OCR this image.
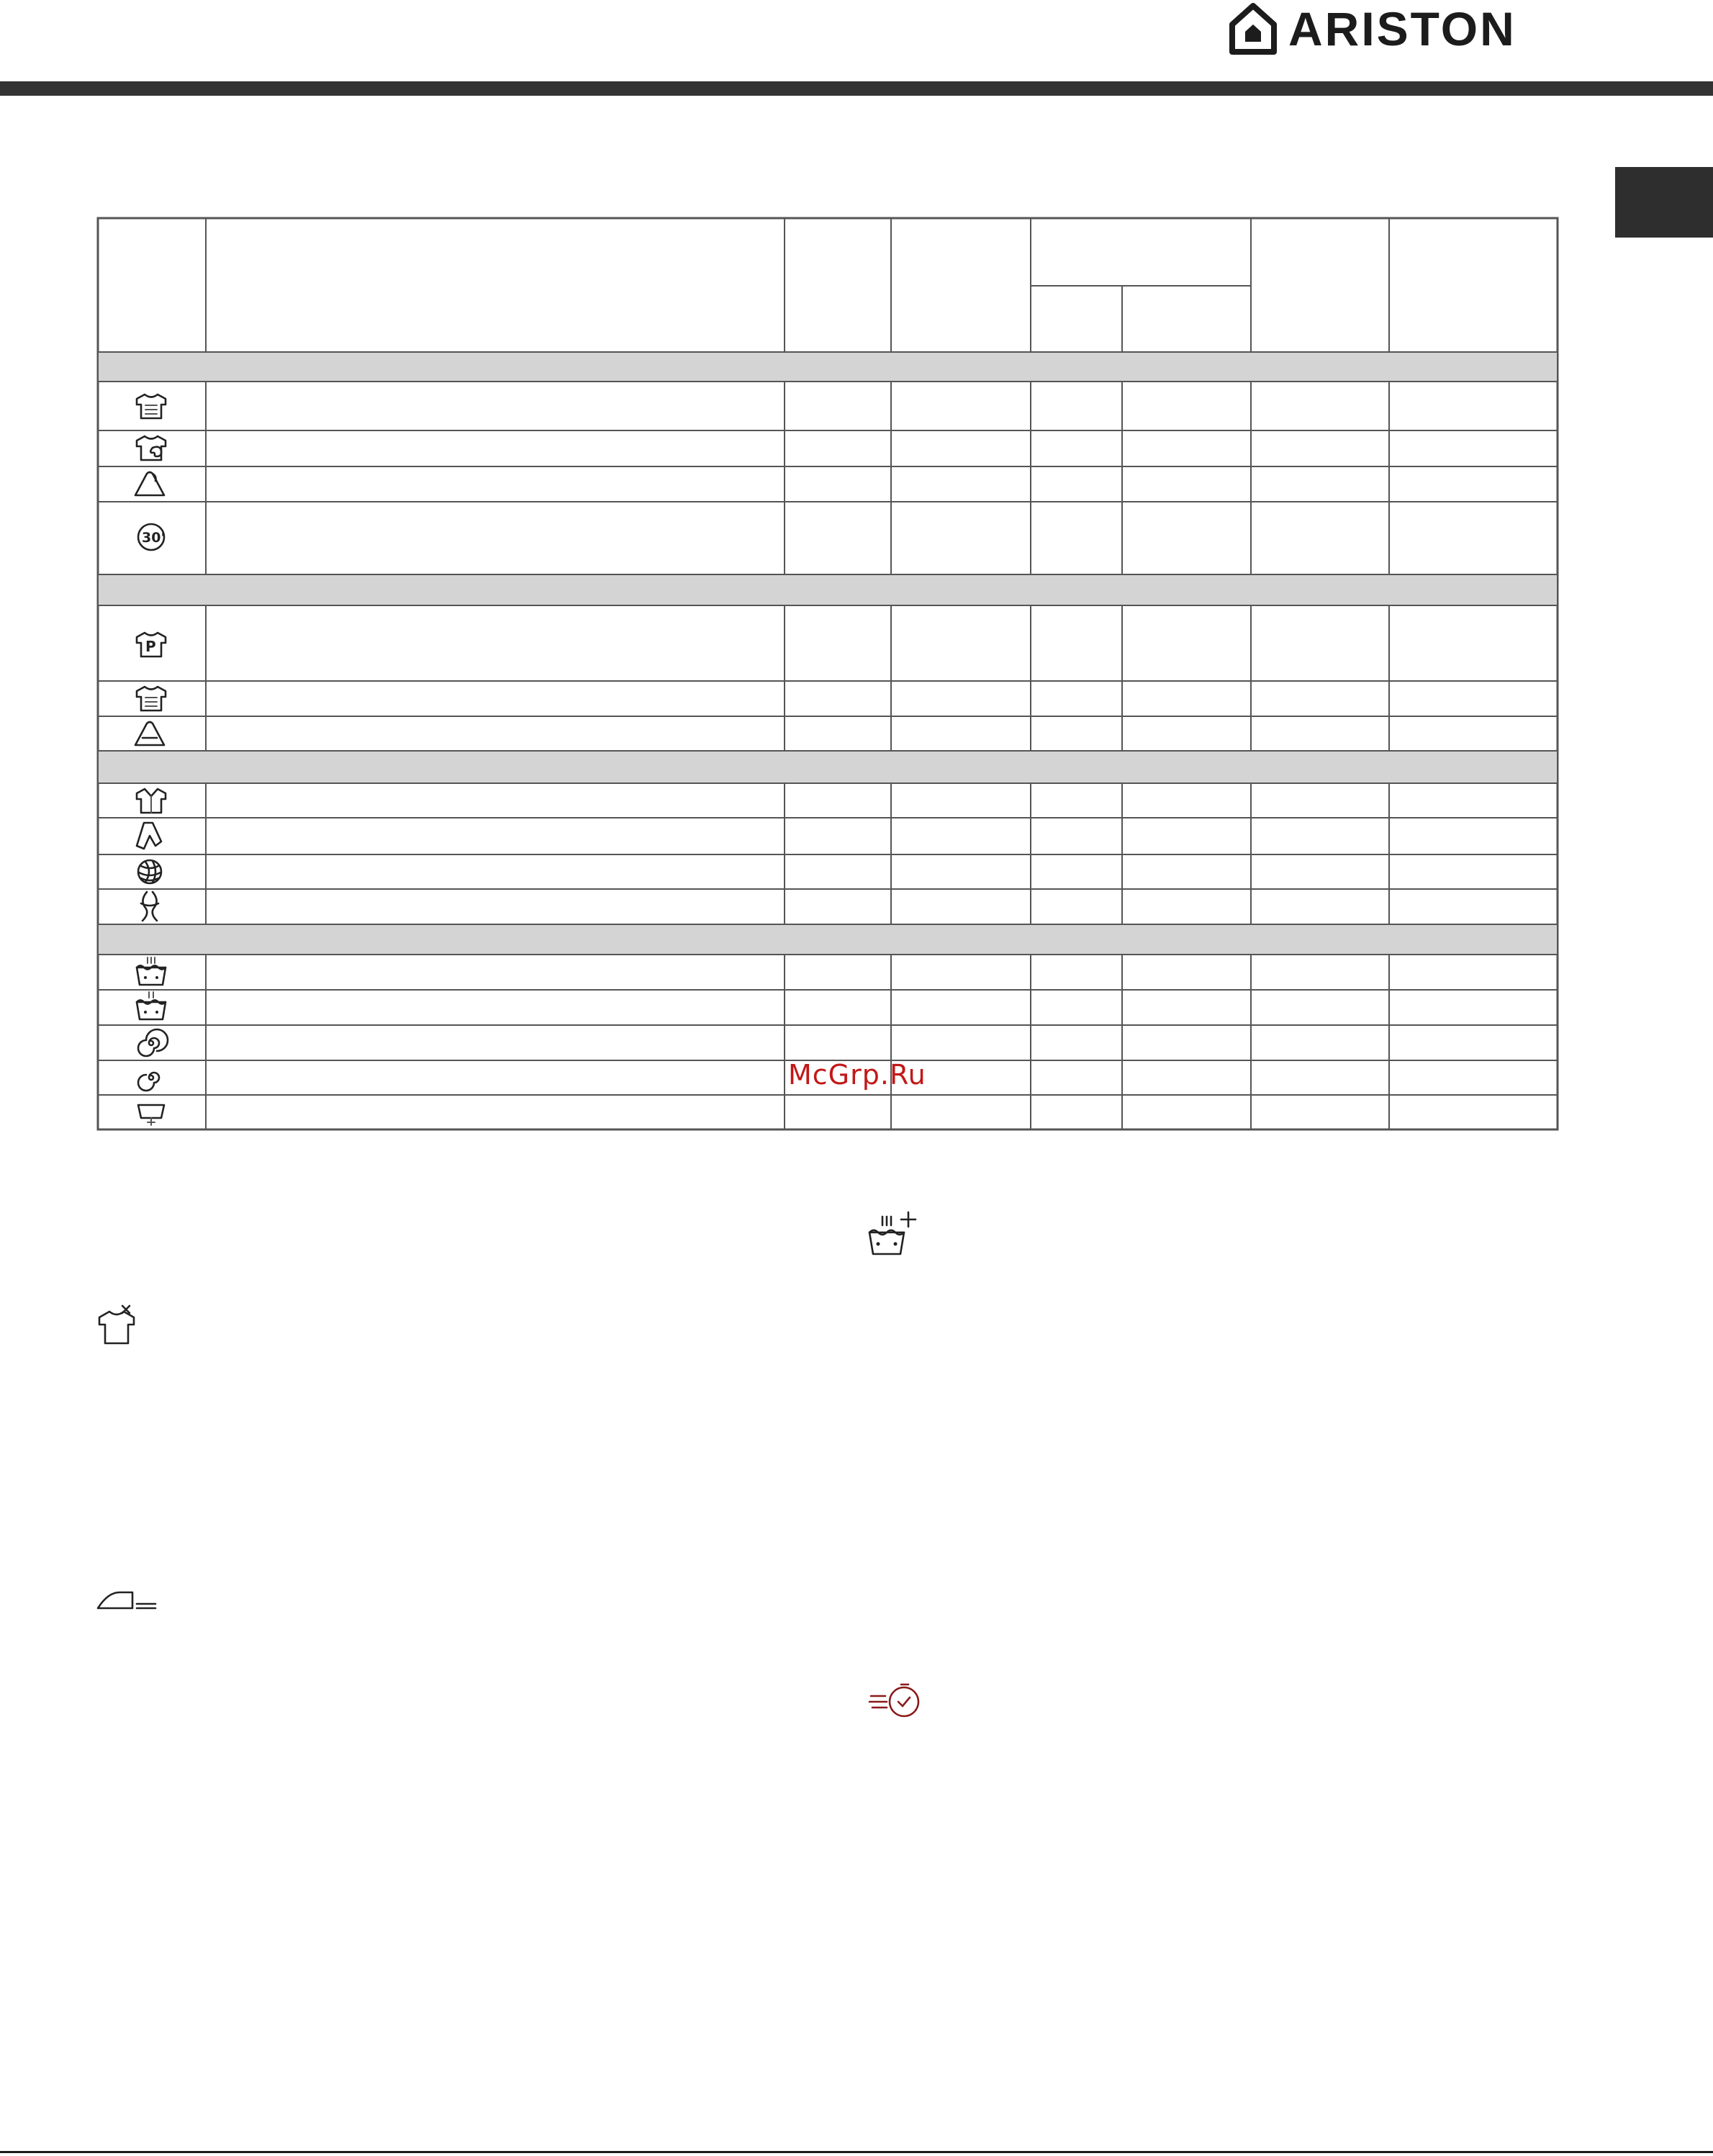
ARISTON
30'
P
McGrp.Ru
